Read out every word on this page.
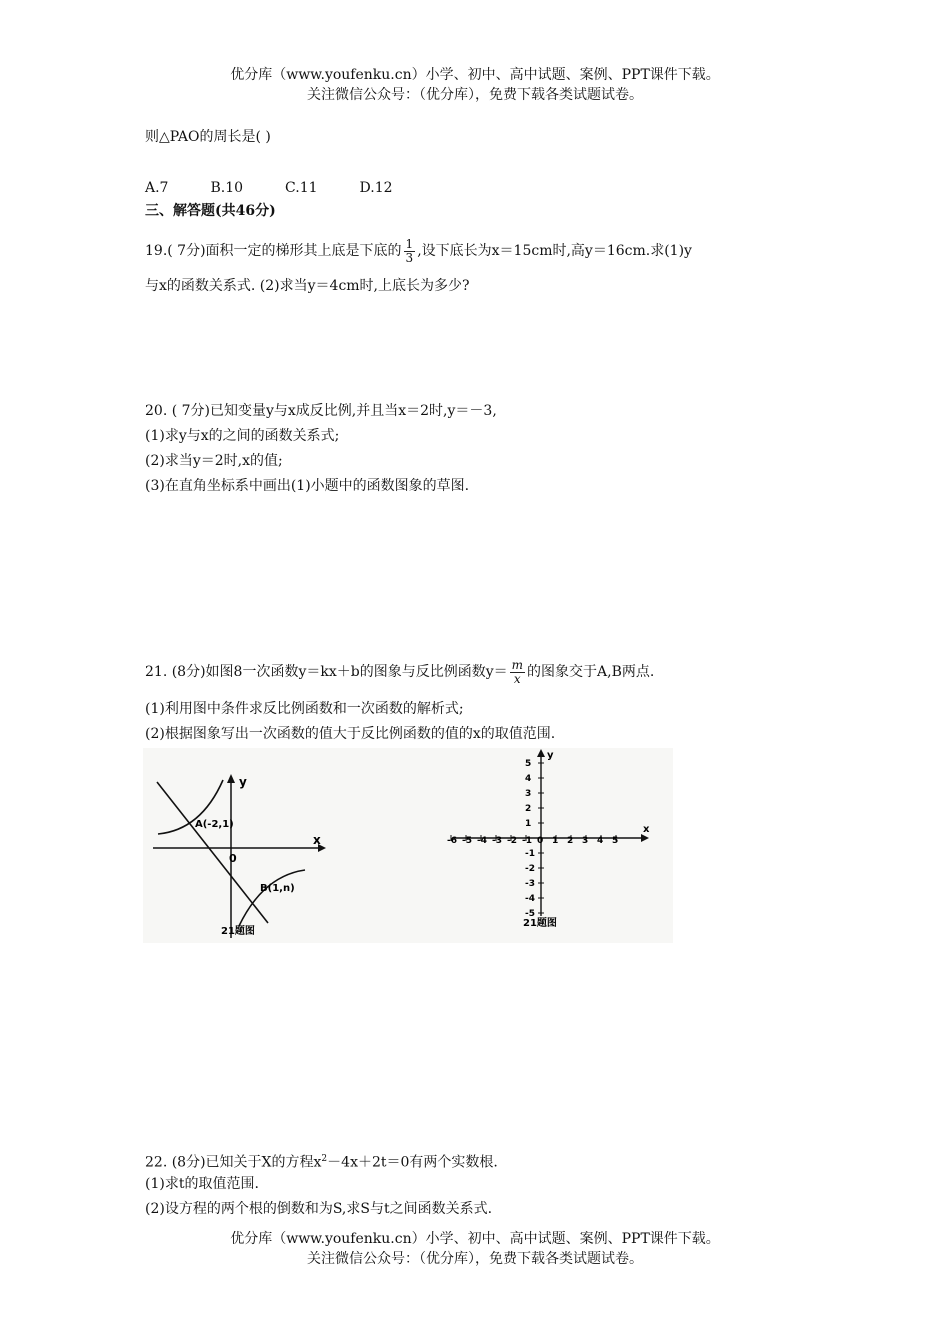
优分库（www.youfenku.cn）小学、初中、高中试题、案例、PPT课件下载。
关注微信公众号：（优分库），免费下载各类试题试卷。
则△PAO的周长是( )
A.7	B.10	C.11	D.12
三、解答题(共46分)
19.( 7分)面积一定的梯形其上底是下底的 $\frac{1}{3}$ ,设下底长为x＝15cm时,高y＝16cm.求(1)y
与x的函数关系式. (2)求当y＝4cm时,上底长为多少?
20. ( 7分)已知变量y与x成反比例,并且当x＝2时,y＝－3,
(1)求y与x的之间的函数关系式;
(2)求当y＝2时,x的值;
(3)在直角坐标系中画出(1)小题中的函数图象的草图.
21. (8分)如图8一次函数y＝kx＋b的图象与反比例函数$y= \frac{m}{x}$ 的图象交于A,B两点.
(1)利用图中条件求反比例函数和一次函数的解析式;
(2)根据图象写出一次函数的值大于反比例函数的值的x的取值范围.
x
y
0
A(-2,1)
B(1,n)
21题图
x
y
-6 -5 -4 -3 -2 -1 0 1 2 3 4 5
5
4
3
2
1
-1
-2
-3
-4
-5
21题图
22. (8分)已知关于X的方程$x^2-4x+2t=0$有两个实数根.
(1)求t的取值范围.
(2)设方程的两个根的倒数和为S,求S与t之间函数关系式.
优分库（www.youfenku.cn）小学、初中、高中试题、案例、PPT课件下载。
关注微信公众号：（优分库），免费下载各类试题试卷。
